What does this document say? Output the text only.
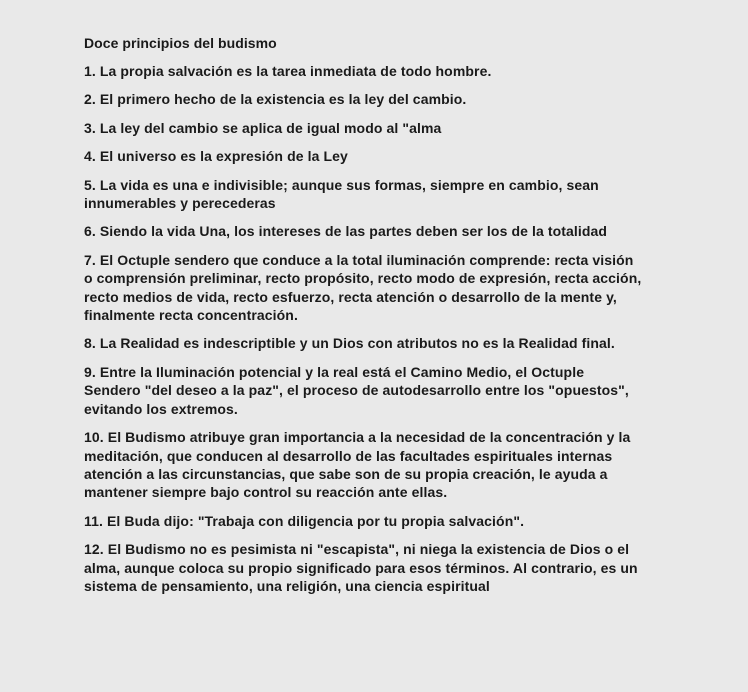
Doce principios del budismo
1. La propia salvación es la tarea inmediata de todo hombre.
2. El primero hecho de la existencia es la ley del cambio.
3. La ley del cambio se aplica de igual modo al "alma
4. El universo es la expresión de la Ley
5. La vida es una e indivisible; aunque sus formas, siempre en cambio, sean innumerables y perecederas
6. Siendo la vida Una, los intereses de las partes deben ser los de la totalidad
7. El Octuple sendero que conduce a la total iluminación comprende: recta visión o comprensión preliminar, recto propósito, recto modo de expresión, recta acción, recto medios de vida, recto esfuerzo, recta atención o desarrollo de la mente y, finalmente recta concentración.
8. La Realidad es indescriptible y un Dios con atributos no es la Realidad final.
9. Entre la Iluminación potencial y la real está el Camino Medio, el Octuple Sendero "del deseo a la paz", el proceso de autodesarrollo entre los "opuestos", evitando los extremos.
10. El Budismo atribuye gran importancia a la necesidad de la concentración y la meditación, que conducen al desarrollo de las facultades espirituales internas atención a las circunstancias, que sabe son de su propia creación, le ayuda a mantener siempre bajo control su reacción ante ellas.
11. El Buda dijo: "Trabaja con diligencia por tu propia salvación".
12. El Budismo no es pesimista ni "escapista", ni niega la existencia de Dios o el alma, aunque coloca su propio significado para esos términos. Al contrario, es un sistema de pensamiento, una religión, una ciencia espiritual
